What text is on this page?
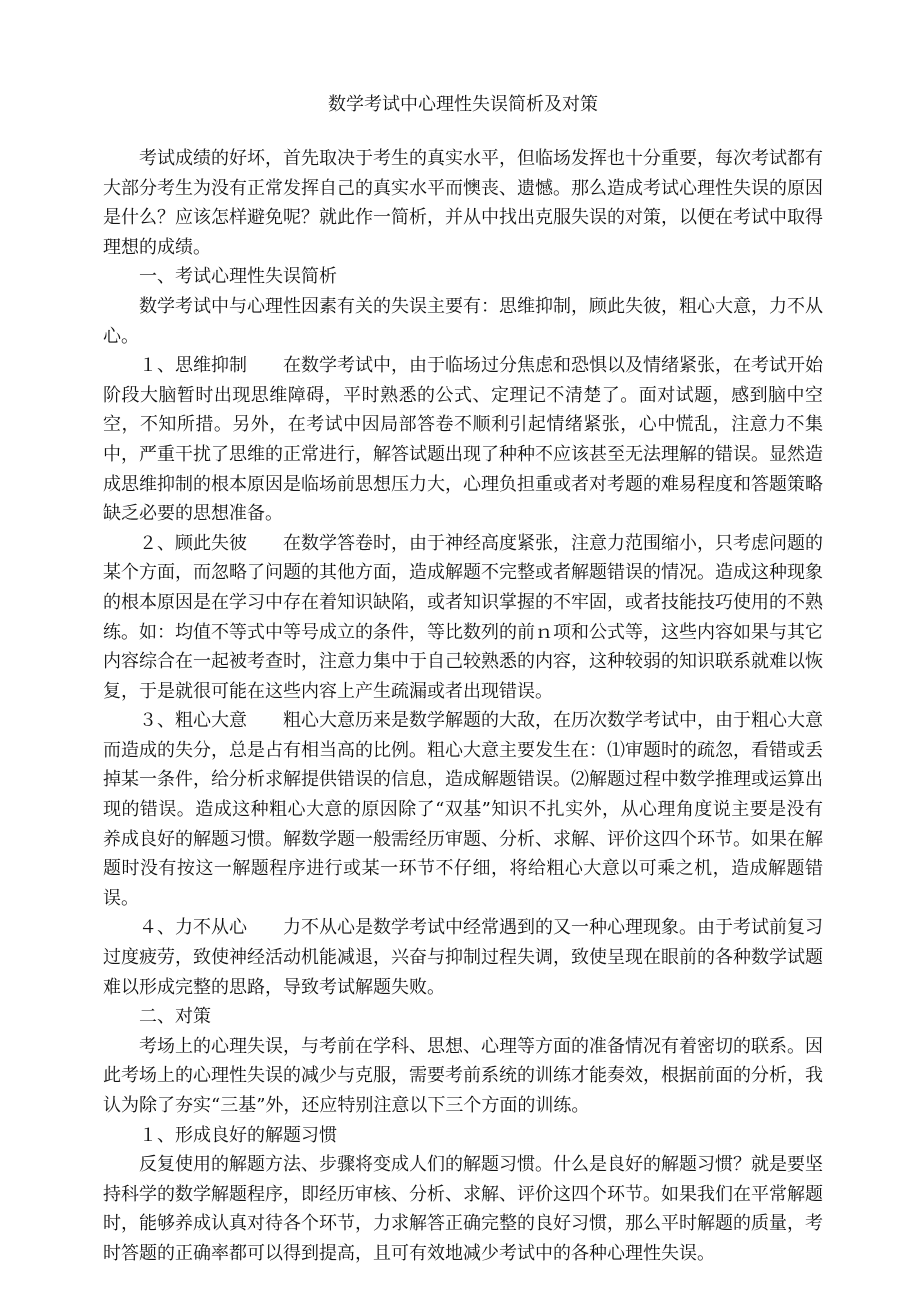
数学考试中心理性失误简析及对策

考试成绩的好坏，首先取决于考生的真实水平，但临场发挥也十分重要，每次考试都有大部分考生为没有正常发挥自己的真实水平而懊丧、遗憾。那么造成考试心理性失误的原因是什么？应该怎样避免呢？就此作一简析，并从中找出克服失误的对策，以便在考试中取得理想的成绩。

一、考试心理性失误简析

数学考试中与心理性因素有关的失误主要有：思维抑制，顾此失彼，粗心大意，力不从心。

１、思维抑制 在数学考试中，由于临场过分焦虑和恐惧以及情绪紧张，在考试开始阶段大脑暂时出现思维障碍，平时熟悉的公式、定理记不清楚了。面对试题，感到脑中空空，不知所措。另外，在考试中因局部答卷不顺利引起情绪紧张，心中慌乱，注意力不集中，严重干扰了思维的正常进行，解答试题出现了种种不应该甚至无法理解的错误。显然造成思维抑制的根本原因是临场前思想压力大，心理负担重或者对考题的难易程度和答题策略缺乏必要的思想准备。

２、顾此失彼 在数学答卷时，由于神经高度紧张，注意力范围缩小，只考虑问题的某个方面，而忽略了问题的其他方面，造成解题不完整或者解题错误的情况。造成这种现象的根本原因是在学习中存在着知识缺陷，或者知识掌握的不牢固，或者技能技巧使用的不熟练。如：均值不等式中等号成立的条件，等比数列的前ｎ项和公式等，这些内容如果与其它内容综合在一起被考查时，注意力集中于自己较熟悉的内容，这种较弱的知识联系就难以恢复，于是就很可能在这些内容上产生疏漏或者出现错误。

３、粗心大意 粗心大意历来是数学解题的大敌，在历次数学考试中，由于粗心大意而造成的失分，总是占有相当高的比例。粗心大意主要发生在：⑴审题时的疏忽，看错或丢掉某一条件，给分析求解提供错误的信息，造成解题错误。⑵解题过程中数学推理或运算出现的错误。造成这种粗心大意的原因除了“双基”知识不扎实外，从心理角度说主要是没有养成良好的解题习惯。解数学题一般需经历审题、分析、求解、评价这四个环节。如果在解题时没有按这一解题程序进行或某一环节不仔细，将给粗心大意以可乘之机，造成解题错误。

４、力不从心 力不从心是数学考试中经常遇到的又一种心理现象。由于考试前复习过度疲劳，致使神经活动机能减退，兴奋与抑制过程失调，致使呈现在眼前的各种数学试题难以形成完整的思路，导致考试解题失败。

二、对策

考场上的心理失误，与考前在学科、思想、心理等方面的准备情况有着密切的联系。因此考场上的心理性失误的减少与克服，需要考前系统的训练才能奏效，根据前面的分析，我认为除了夯实“三基”外，还应特别注意以下三个方面的训练。

１、形成良好的解题习惯

反复使用的解题方法、步骤将变成人们的解题习惯。什么是良好的解题习惯？就是要坚持科学的数学解题程序，即经历审核、分析、求解、评价这四个环节。如果我们在平常解题时，能够养成认真对待各个环节，力求解答正确完整的良好习惯，那么平时解题的质量，考时答题的正确率都可以得到提高，且可有效地减少考试中的各种心理性失误。
